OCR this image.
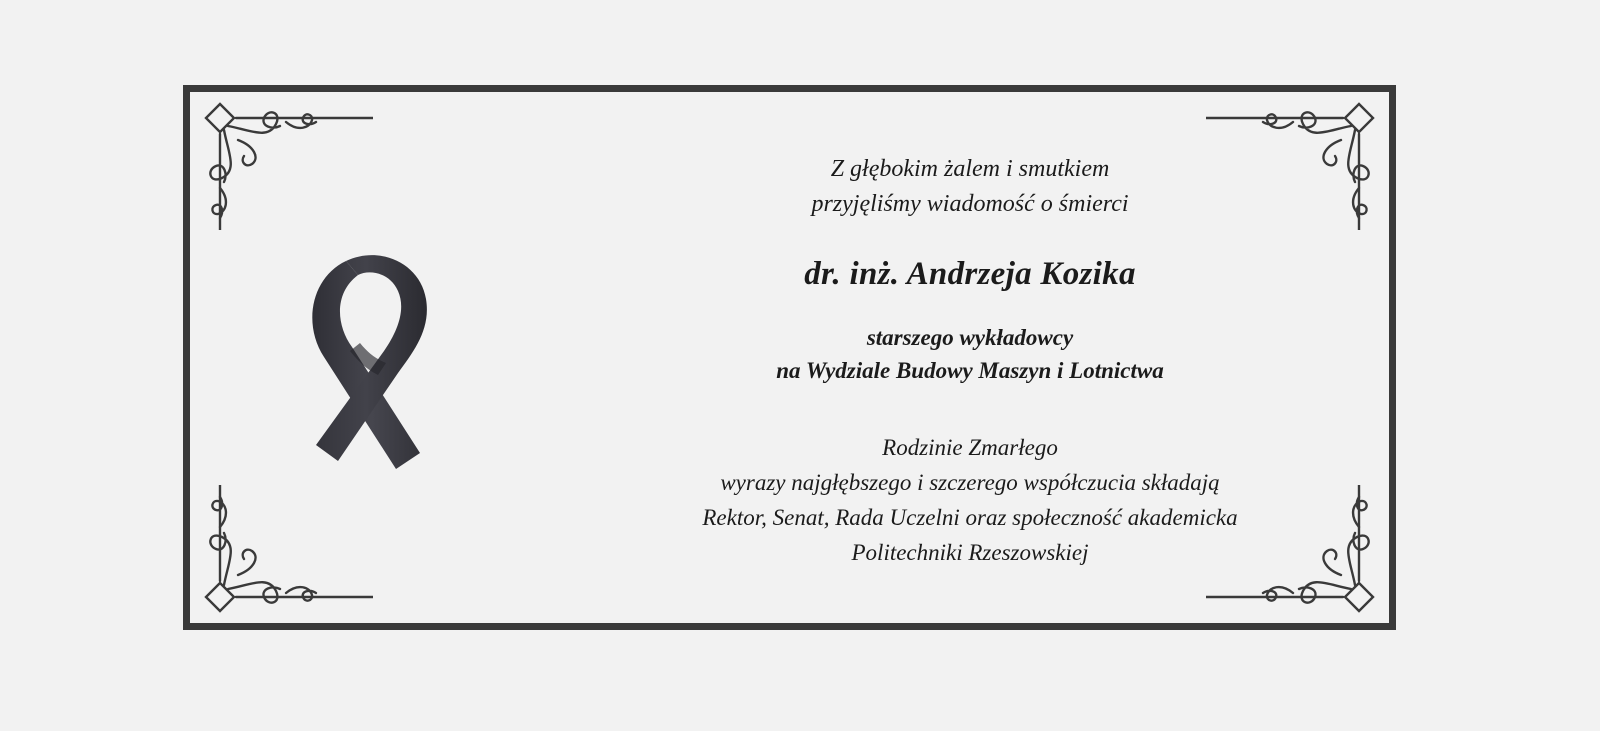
Z głębokim żalem i smutkiem
przyjęliśmy wiadomość o śmierci
dr. inż. Andrzeja Kozika
starszego wykładowcy
na Wydziale Budowy Maszyn i Lotnictwa
Rodzinie Zmarłego
wyrazy najgłębszego i szczerego współczucia składają
Rektor, Senat, Rada Uczelni oraz społeczność akademicka
Politechniki Rzeszowskiej
